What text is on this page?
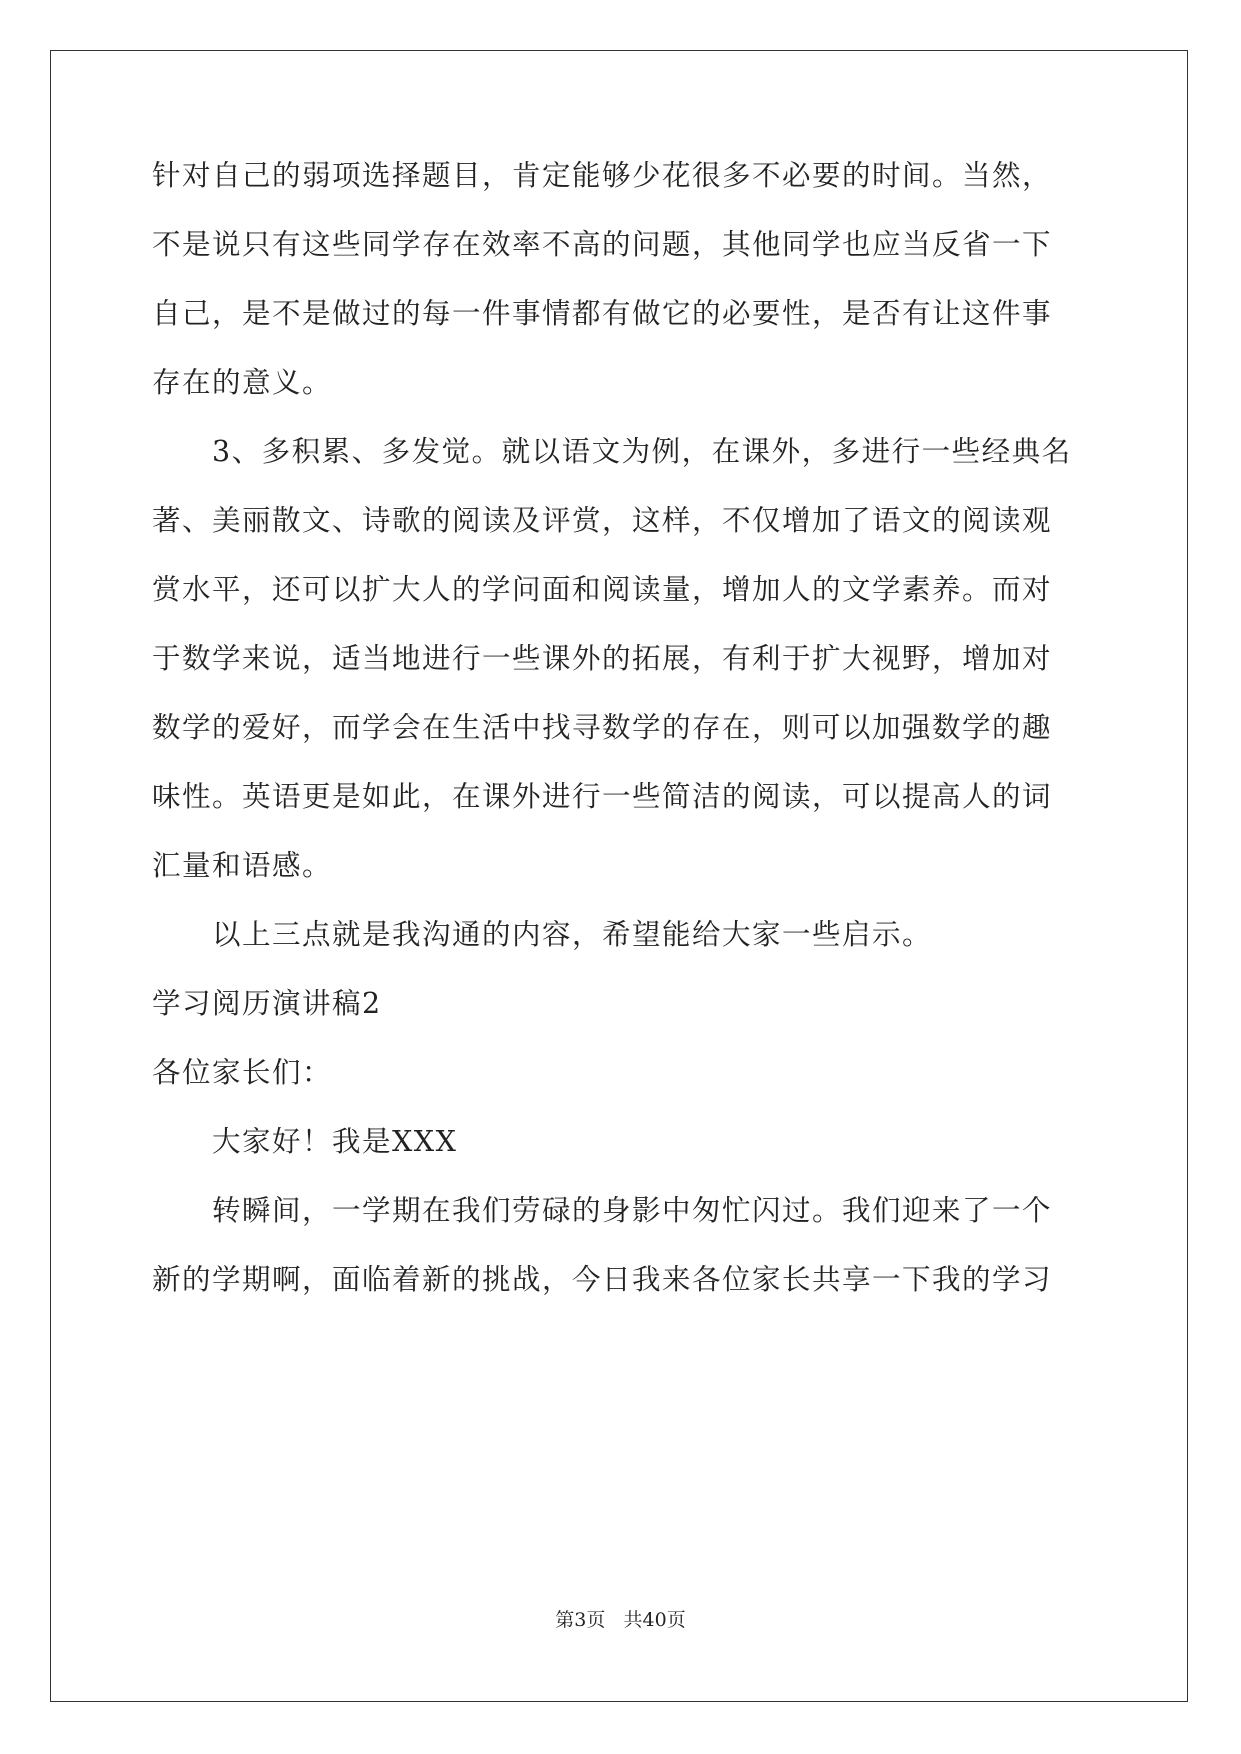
针对自己的弱项选择题目，肯定能够少花很多不必要的时间。当然，
不是说只有这些同学存在效率不高的问题，其他同学也应当反省一下
自己，是不是做过的每一件事情都有做它的必要性，是否有让这件事
存在的意义。
3、多积累、多发觉。就以语文为例，在课外，多进行一些经典名
著、美丽散文、诗歌的阅读及评赏，这样，不仅增加了语文的阅读观
赏水平，还可以扩大人的学问面和阅读量，增加人的文学素养。而对
于数学来说，适当地进行一些课外的拓展，有利于扩大视野，增加对
数学的爱好，而学会在生活中找寻数学的存在，则可以加强数学的趣
味性。英语更是如此，在课外进行一些简洁的阅读，可以提高人的词
汇量和语感。
以上三点就是我沟通的内容，希望能给大家一些启示。
学习阅历演讲稿2
各位家长们：
大家好！我是XXX
转瞬间，一学期在我们劳碌的身影中匆忙闪过。我们迎来了一个
新的学期啊，面临着新的挑战，今日我来各位家长共享一下我的学习
第3页 共40页
